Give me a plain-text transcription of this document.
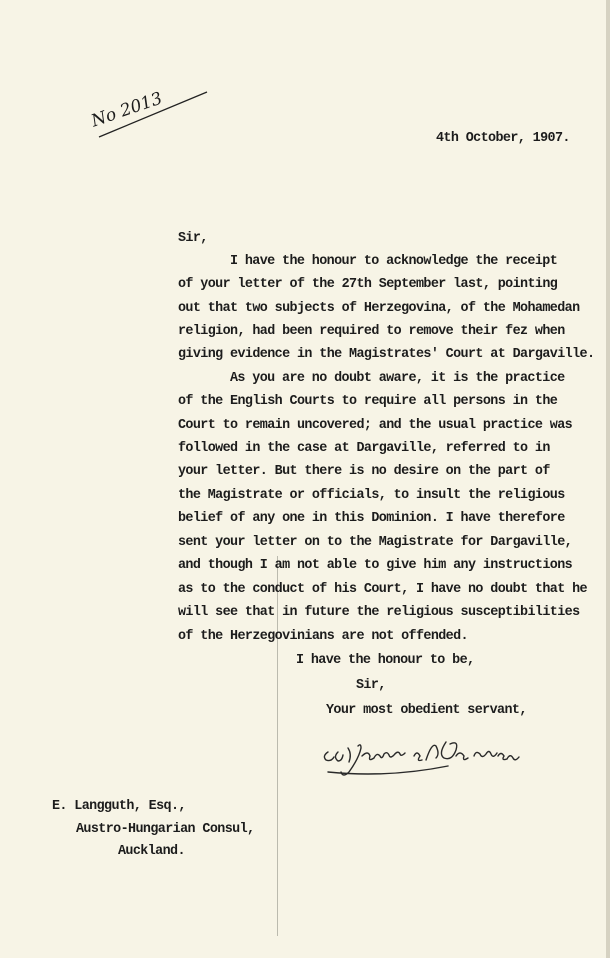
No 2013
4th October, 1907.
Sir,
I have the honour to acknowledge the receipt
of your letter of the 27th September last, pointing
out that two subjects of Herzegovina, of the Mohamedan
religion, had been required to remove their fez when
giving evidence in the Magistrates' Court at Dargaville.
As you are no doubt aware, it is the practice
of the English Courts to require all persons in the
Court to remain uncovered; and the usual practice was
followed in the case at Dargaville, referred to in
your letter. But there is no desire on the part of
the Magistrate or officials, to insult the religious
belief of any one in this Dominion. I have therefore
sent your letter on to the Magistrate for Dargaville,
and though I am not able to give him any instructions
as to the conduct of his Court, I have no doubt that he
will see that in future the religious susceptibilities
of the Herzegovinians are not offended.
I have the honour to be,
Sir,
Your most obedient servant,
E. Langguth, Esq.,
Austro-Hungarian Consul,
Auckland.
